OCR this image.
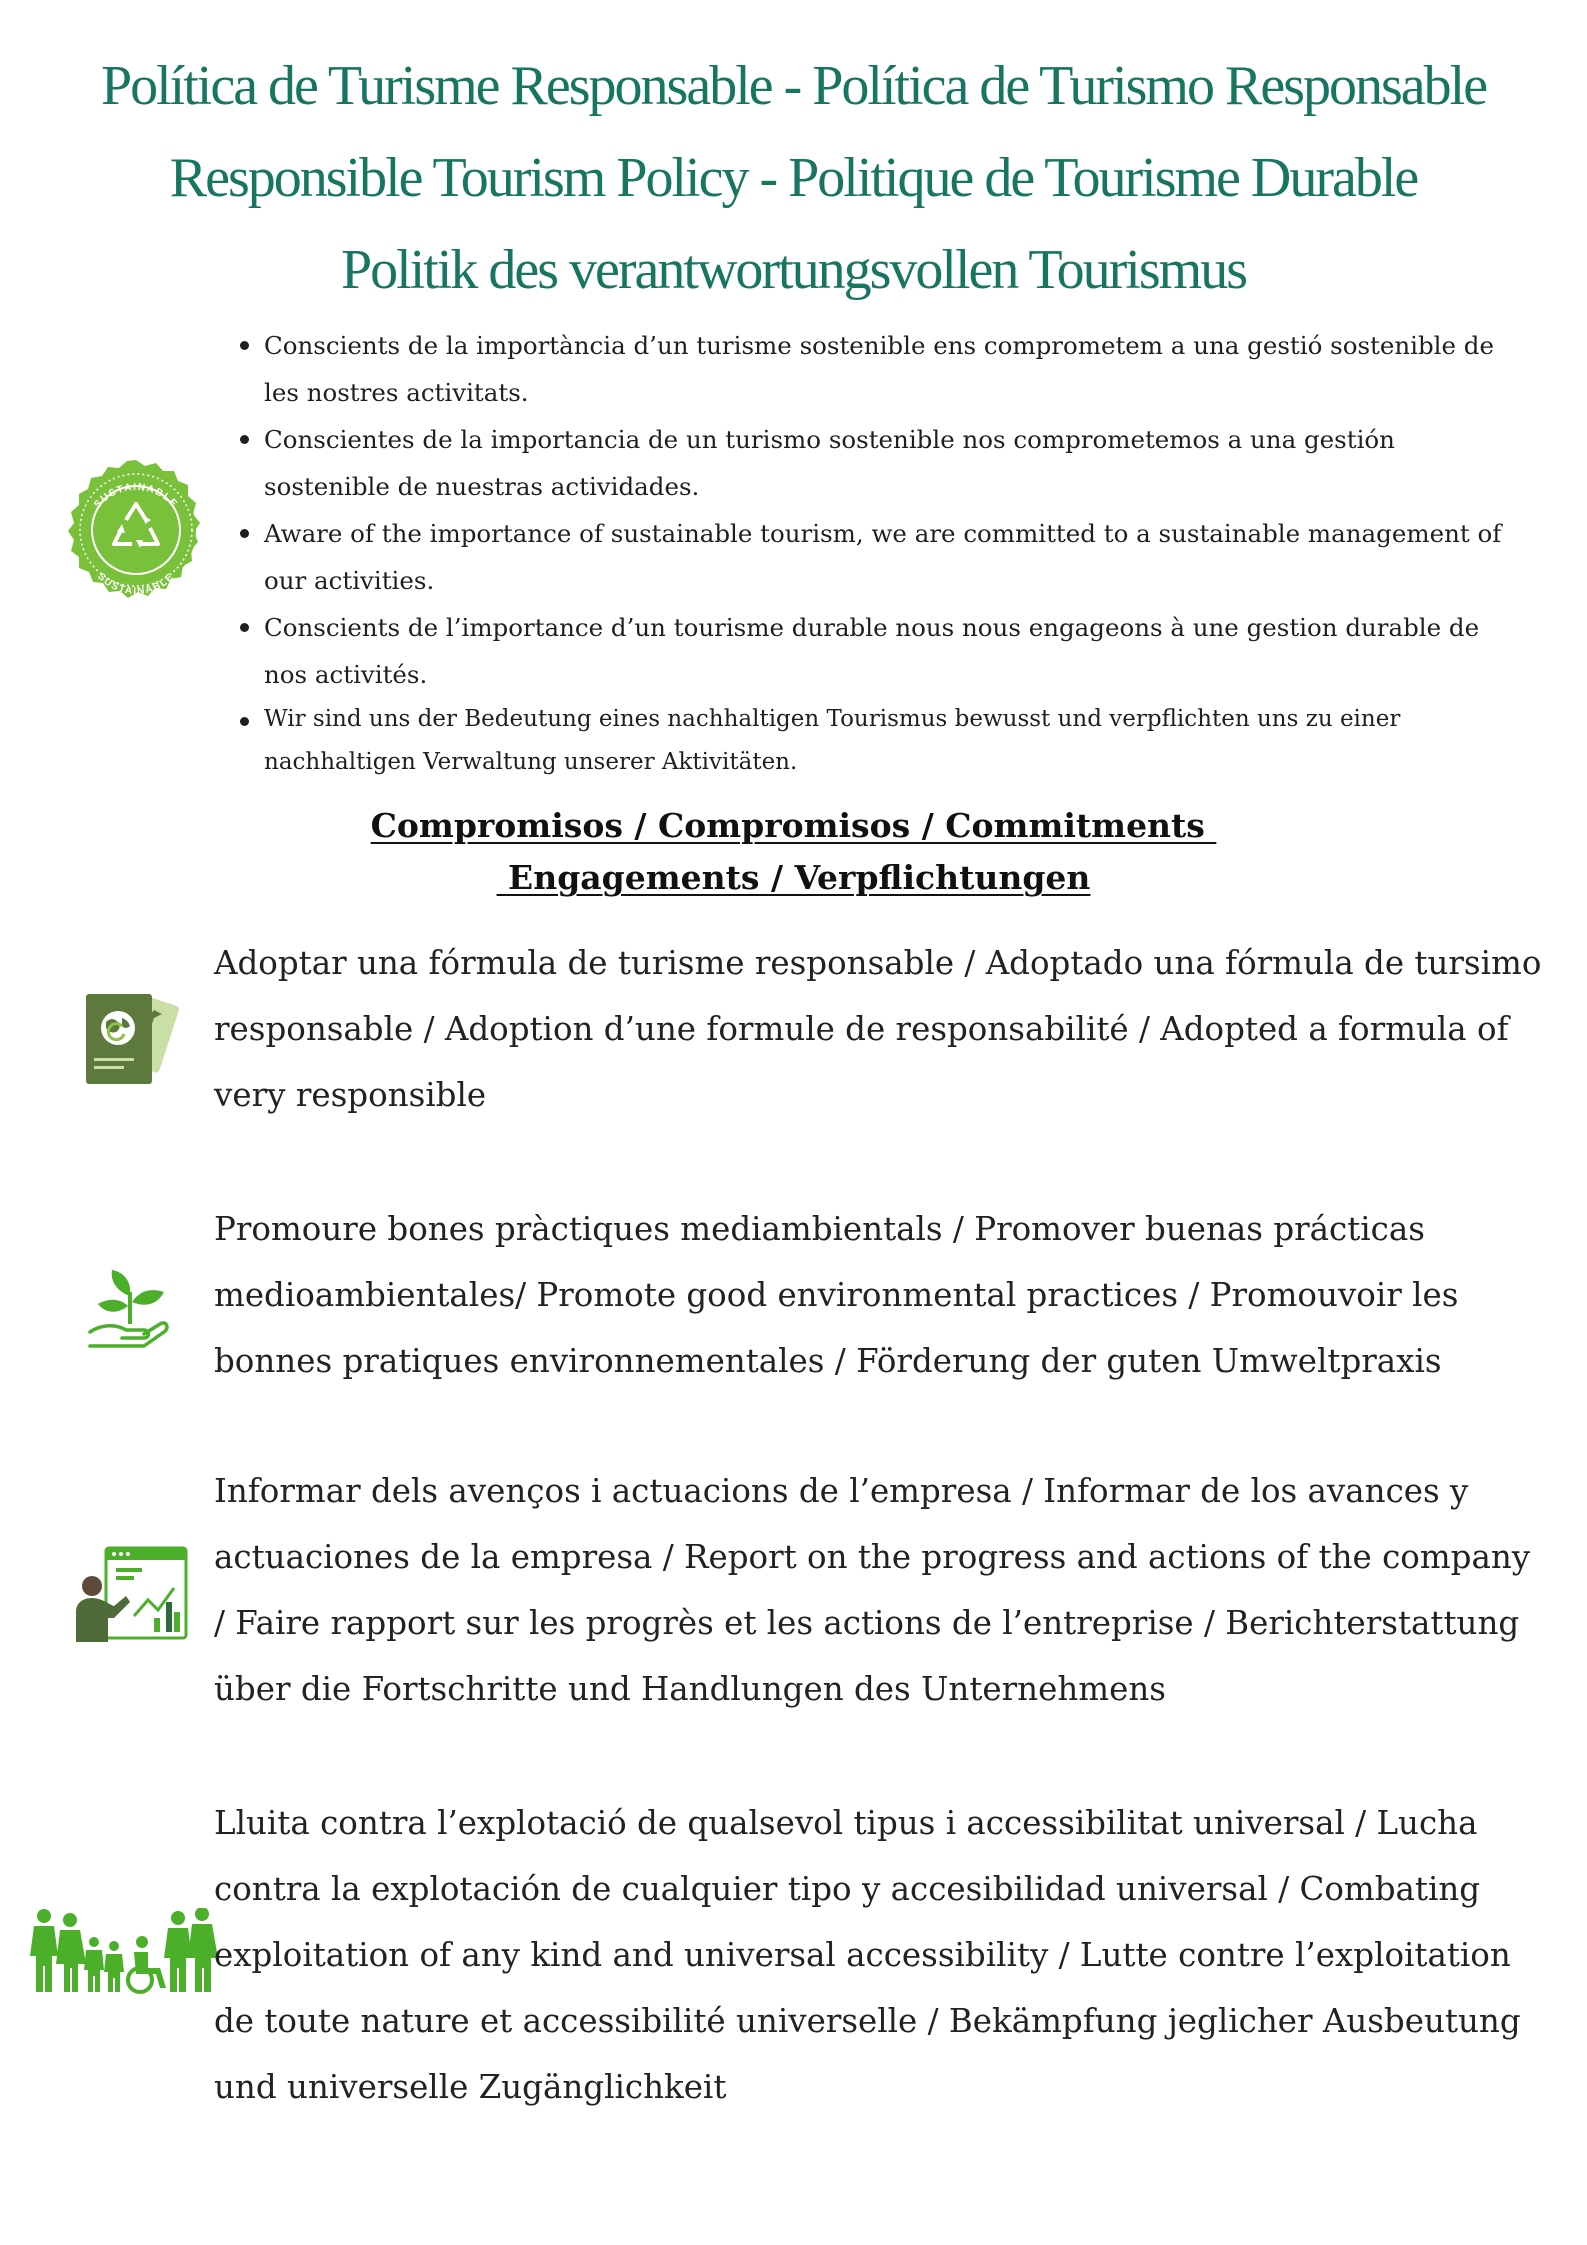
Política de Turisme Responsable - Política de Turismo Responsable
Responsible Tourism Policy - Politique de Tourisme Durable
Politik des verantwortungsvollen Tourismus
SUSTAINABLE
SUSTAINABLE
Conscients de la importància d’un turisme sostenible ens comprometem a una gestió sostenible de les nostres activitats.
Conscientes de la importancia de un turismo sostenible nos comprometemos a una gestión sostenible de nuestras actividades.
Aware of the importance of sustainable tourism, we are committed to a sustainable management of our activities.
Conscients de l’importance d’un tourisme durable nous nous engageons à une gestion durable de nos activités.
Wir sind uns der Bedeutung eines nachhaltigen Tourismus bewusst und verpflichten uns zu einer nachhaltigen Verwaltung unserer Aktivitäten.
Compromisos / Compromisos / Commitments
Engagements / Verpflichtungen
Adoptar una fórmula de turisme responsable / Adoptado una fórmula de tursimo responsable / Adoption d’une formule de responsabilité / Adopted a formula of very responsible
Promoure bones pràctiques mediambientals / Promover buenas prácticas medioambientales/ Promote good environmental practices / Promouvoir les bonnes pratiques environnementales / Förderung der guten Umweltpraxis
Informar dels avenços i actuacions de l’empresa / Informar de los avances y actuaciones de la empresa / Report on the progress and actions of the company / Faire rapport sur les progrès et les actions de l’entreprise / Berichterstattung über die Fortschritte und Handlungen des Unternehmens
Lluita contra l’explotació de qualsevol tipus i accessibilitat universal / Lucha contra la explotación de cualquier tipo y accesibilidad universal / Combating exploitation of any kind and universal accessibility / Lutte contre l’exploitation de toute nature et accessibilité universelle / Bekämpfung jeglicher Ausbeutung und universelle Zugänglichkeit
